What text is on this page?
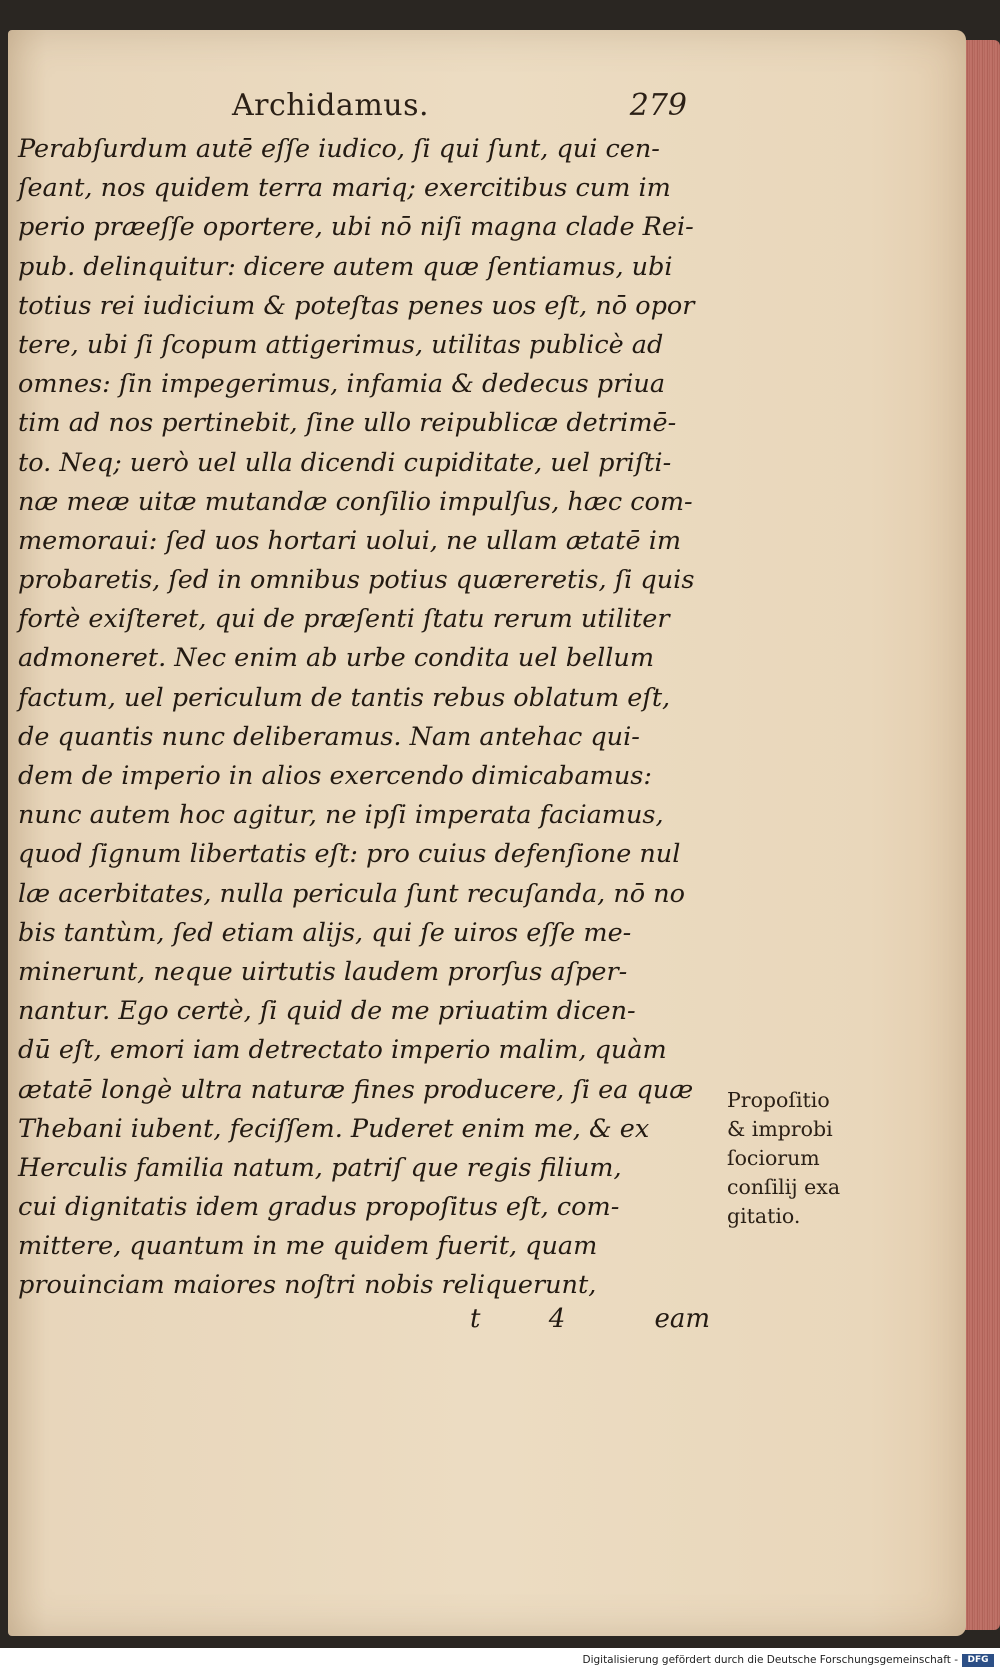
Archidamus.	279
Perabſurdum autē eſſe iudico, ſi qui ſunt, qui cen-
ſeant, nos quidem terra mariq; exercitibus cum im
perio præeſſe oportere, ubi nō niſi magna clade Rei-
pub. delinquitur: dicere autem quæ ſentiamus, ubi
totius rei iudicium & poteſtas penes uos eſt, nō opor
tere, ubi ſi ſcopum attigerimus, utilitas publicè ad
omnes: ſin impegerimus, infamia & dedecus priua
tim ad nos pertinebit, ſine ullo reipublicæ detrimē-
to. Neq; uerò uel ulla dicendi cupiditate, uel priſti-
næ meæ uitæ mutandæ conſilio impulſus, hæc com-
memoraui: ſed uos hortari uolui, ne ullam ætatē im
probaretis, ſed in omnibus potius quæreretis, ſi quis
fortè exiſteret, qui de præſenti ſtatu rerum utiliter
admoneret. Nec enim ab urbe condita uel bellum
factum, uel periculum de tantis rebus oblatum eſt,
de quantis nunc deliberamus. Nam antehac qui-
dem de imperio in alios exercendo dimicabamus:
nunc autem hoc agitur, ne ipſi imperata faciamus,
quod ſignum libertatis eſt: pro cuius defenſione nul
læ acerbitates, nulla pericula ſunt recuſanda, nō no
bis tantùm, ſed etiam alijs, qui ſe uiros eſſe me-
minerunt, neque uirtutis laudem prorſus aſper-
nantur. Ego certè, ſi quid de me priuatim dicen-
dū eſt, emori iam detrectato imperio malim, quàm
ætatē longè ultra naturæ fines producere, ſi ea quæ
Thebani iubent, feciſſem. Puderet enim me, & ex
Herculis familia natum, patriſ que regis filium,
cui dignitatis idem gradus propoſitus eſt, com-
mittere, quantum in me quidem fuerit, quam
prouinciam maiores noſtri nobis reliquerunt,
Propoſitio
& improbi
ſociorum
conſilij exa
gitatio.
t 4 eam
Digitalisierung gefördert durch die Deutsche Forschungsgemeinschaft -	DFG
